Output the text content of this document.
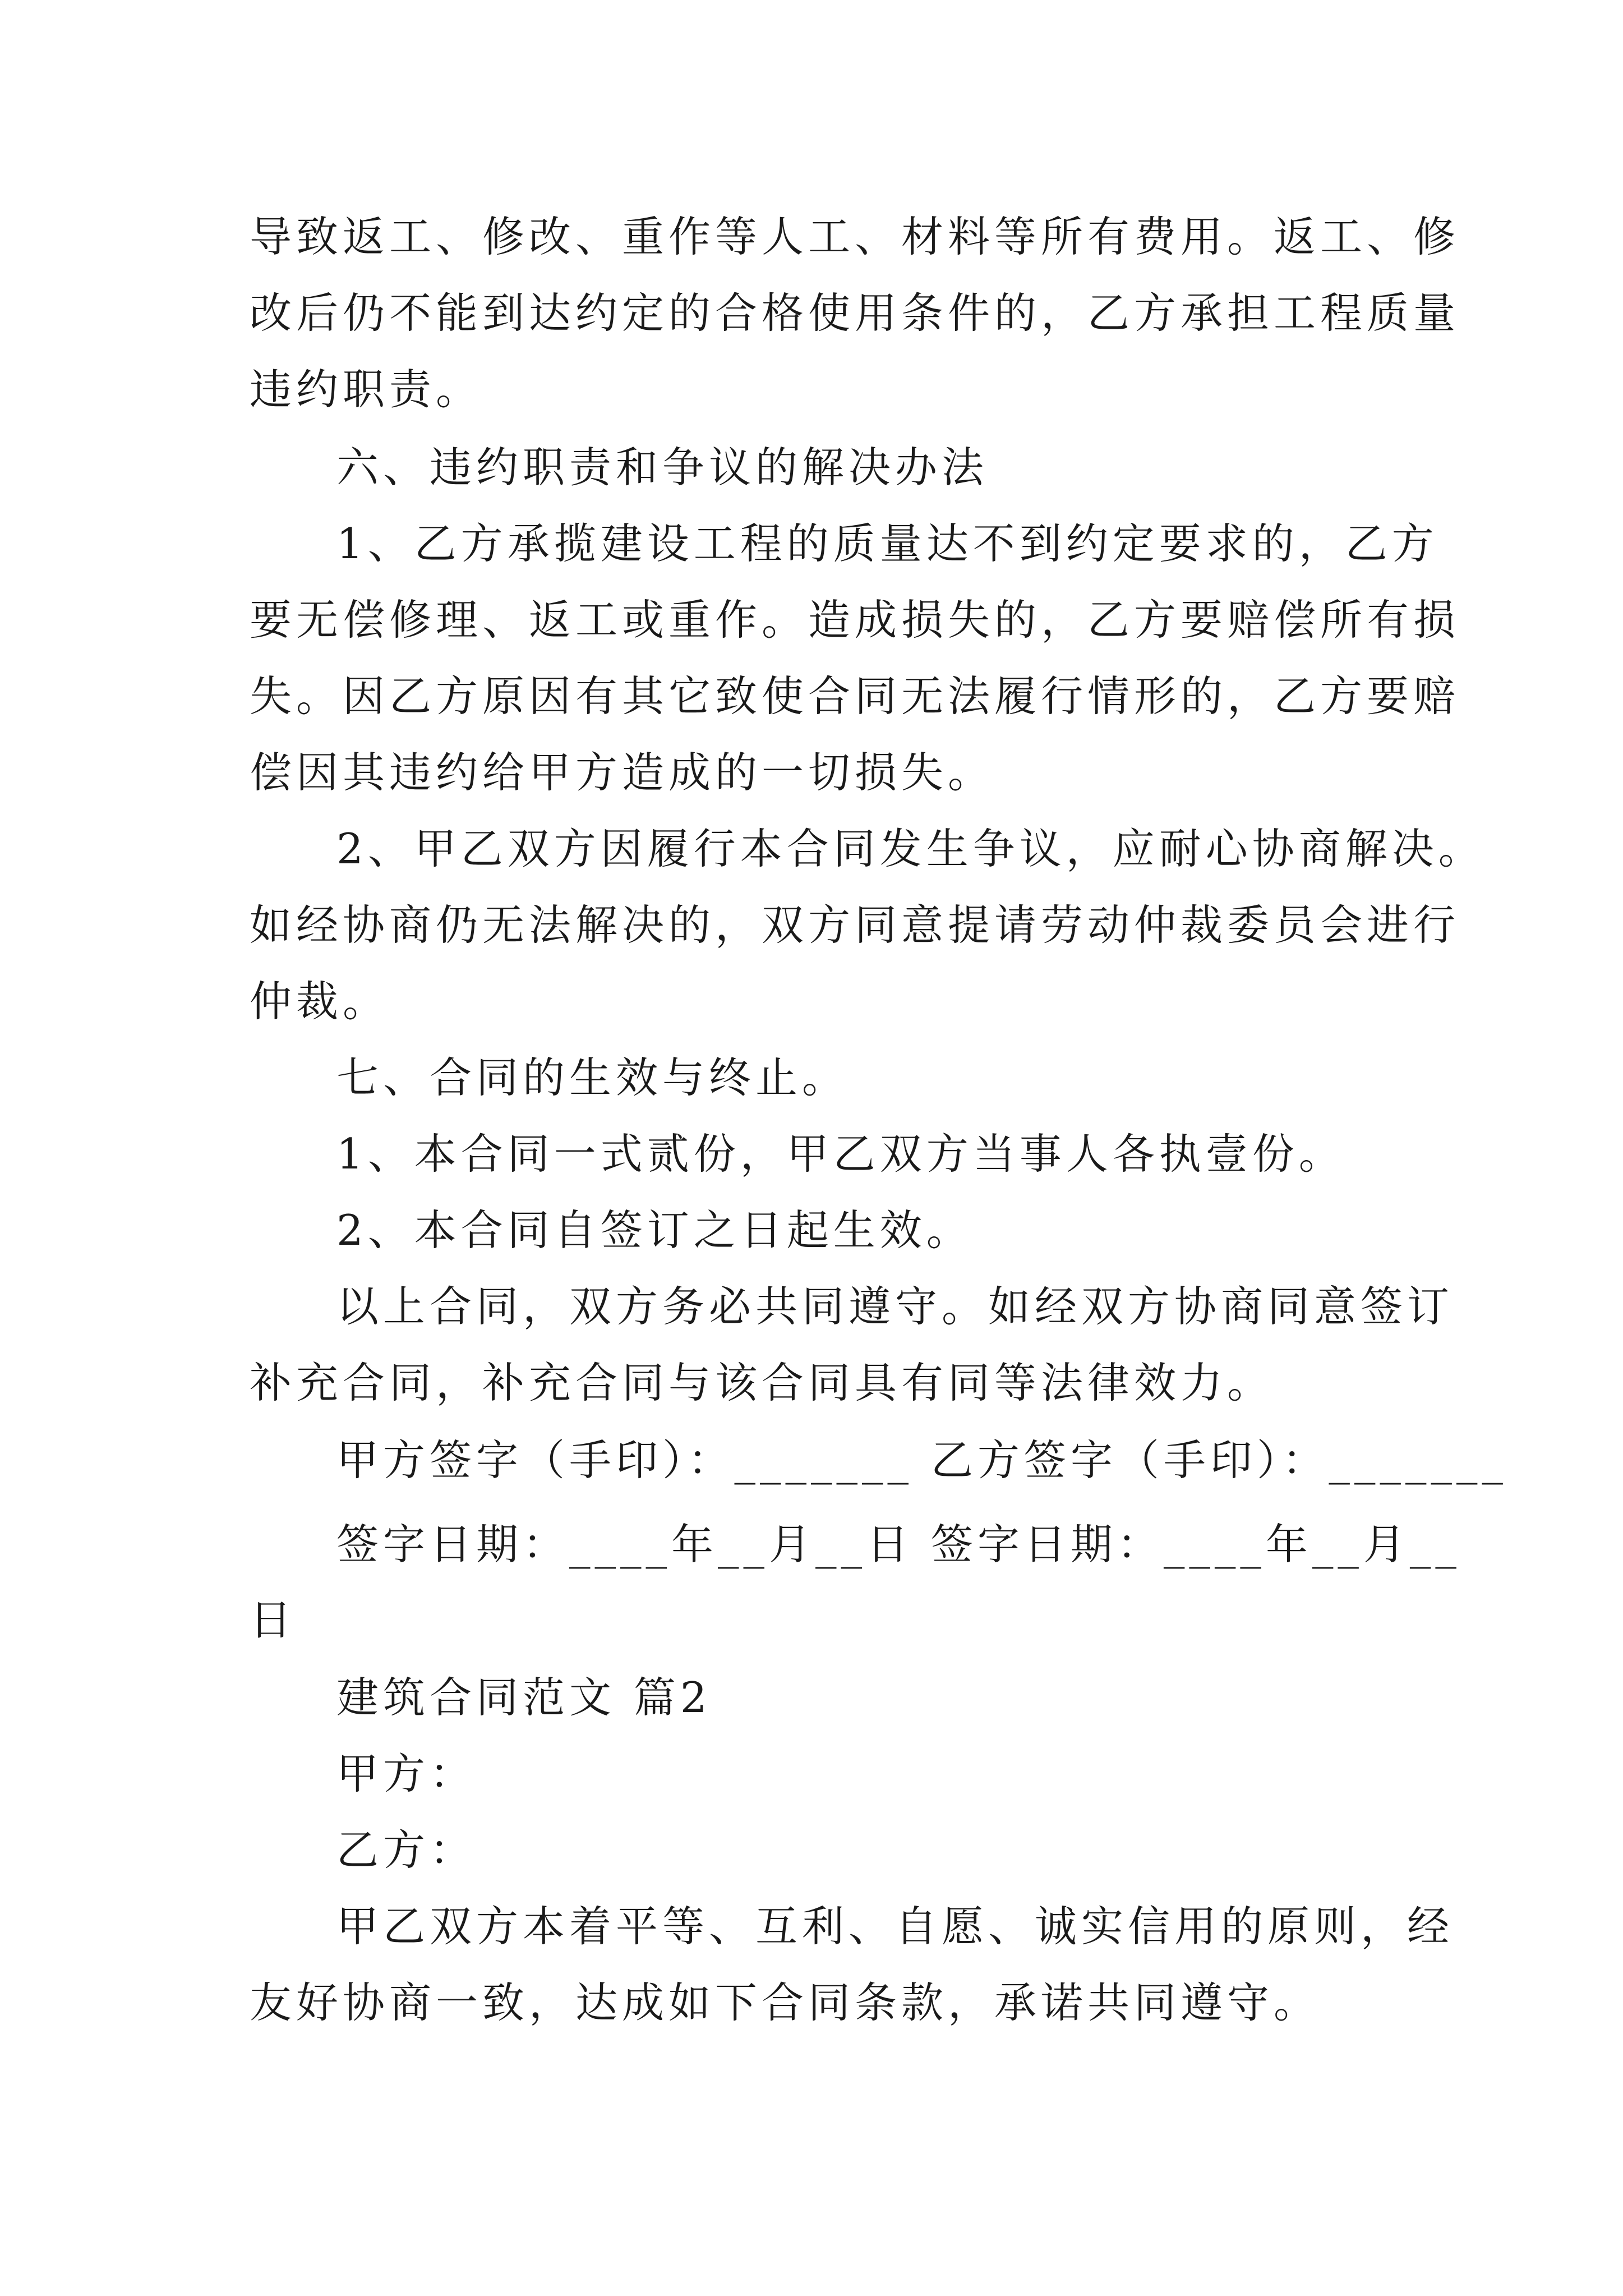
导致返工、修改、重作等人工、材料等所有费用。返工、修
改后仍不能到达约定的合格使用条件的，乙方承担工程质量
违约职责。
六、违约职责和争议的解决办法
1、乙方承揽建设工程的质量达不到约定要求的，乙方
要无偿修理、返工或重作。造成损失的，乙方要赔偿所有损
失。因乙方原因有其它致使合同无法履行情形的，乙方要赔
偿因其违约给甲方造成的一切损失。
2、甲乙双方因履行本合同发生争议，应耐心协商解决。
如经协商仍无法解决的，双方同意提请劳动仲裁委员会进行
仲裁。
七、合同的生效与终止。
1、本合同一式贰份，甲乙双方当事人各执壹份。
2、本合同自签订之日起生效。
以上合同，双方务必共同遵守。如经双方协商同意签订
补充合同，补充合同与该合同具有同等法律效力。
甲方签字（手印）：_______ 乙方签字（手印）：_______
签字日期：____年__月__日 签字日期：____年__月__
日
建筑合同范文 篇2
甲方：
乙方：
甲乙双方本着平等、互利、自愿、诚实信用的原则，经
友好协商一致，达成如下合同条款，承诺共同遵守。
